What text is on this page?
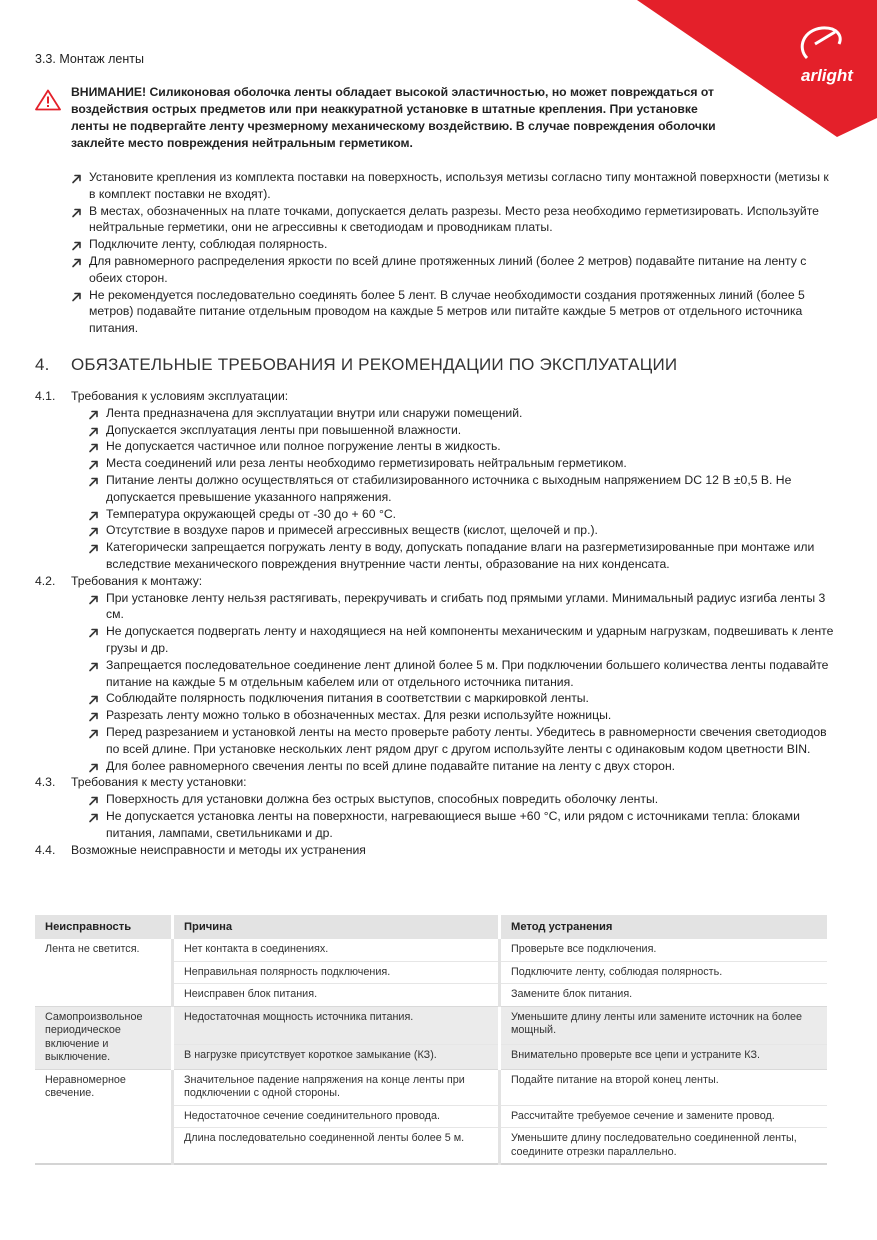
arlight
3.3. Монтаж ленты
ВНИМАНИЕ! Силиконовая оболочка ленты обладает высокой эластичностью, но может повреждаться от воздействия острых предметов или при неаккуратной установке в штатные крепления. При установке ленты не подвергайте ленту чрезмерному механическому воздействию. В случае повреждения оболочки заклейте место повреждения нейтральным герметиком.
Установите крепления из комплекта поставки на поверхность, используя метизы согласно типу монтажной поверхности (метизы к в комплект поставки не входят).
В местах, обозначенных на плате точками, допускается делать разрезы. Место реза необходимо герметизировать. Используйте нейтральные герметики, они не агрессивны к светодиодам и проводникам платы.
Подключите ленту, соблюдая полярность.
Для равномерного распределения яркости по всей длине протяженных линий (более 2 метров) подавайте питание на ленту с обеих сторон.
Не рекомендуется последовательно соединять более 5 лент. В случае необходимости создания протяженных линий (более 5 метров) подавайте питание отдельным проводом на каждые 5 метров или питайте каждые 5 метров от отдельного источника питания.
4. ОБЯЗАТЕЛЬНЫЕ ТРЕБОВАНИЯ И РЕКОМЕНДАЦИИ ПО ЭКСПЛУАТАЦИИ
4.1. Требования к условиям эксплуатации:
Лента предназначена для эксплуатации внутри или снаружи помещений.
Допускается эксплуатация ленты при повышенной влажности.
Не допускается частичное или полное погружение ленты в жидкость.
Места соединений или реза ленты необходимо герметизировать нейтральным герметиком.
Питание ленты должно осуществляться от стабилизированного источника с выходным напряжением DC 12 В ±0,5 В. Не допускается превышение указанного напряжения.
Температура окружающей среды от -30 до + 60 °C.
Отсутствие в воздухе паров и примесей агрессивных веществ (кислот, щелочей и пр.).
Категорически запрещается погружать ленту в воду, допускать попадание влаги на разгерметизированные при монтаже или вследствие механического повреждения внутренние части ленты, образование на них конденсата.
4.2. Требования к монтажу:
При установке ленту нельзя растягивать, перекручивать и сгибать под прямыми углами. Минимальный радиус изгиба ленты 3 см.
Не допускается подвергать ленту и находящиеся на ней компоненты механическим и ударным нагрузкам, подвешивать к ленте грузы и др.
Запрещается последовательное соединение лент длиной более 5 м. При подключении большего количества ленты подавайте питание на каждые 5 м отдельным кабелем или от отдельного источника питания.
Соблюдайте полярность подключения питания в соответствии с маркировкой ленты.
Разрезать ленту можно только в обозначенных местах. Для резки используйте ножницы.
Перед разрезанием и установкой ленты на место проверьте работу ленты. Убедитесь в равномерности свечения светодиодов по всей длине. При установке нескольких лент рядом друг с другом используйте ленты с одинаковым кодом цветности BIN.
Для более равномерного свечения ленты по всей длине подавайте питание на ленту с двух сторон.
4.3. Требования к месту установки:
Поверхность для установки должна без острых выступов, способных повредить оболочку ленты.
Не допускается установка ленты на поверхности, нагревающиеся выше +60 °C, или рядом с источниками тепла: блоками питания, лампами, светильниками и др.
4.4. Возможные неисправности и методы их устранения
Неисправность	Причина	Метод устранения
Лента не светится.	Нет контакта в соединениях.	Проверьте все подключения.
	Неправильная полярность подключения.	Подключите ленту, соблюдая полярность.
	Неисправен блок питания.	Замените блок питания.
Самопроизвольное периодическое включение и выключение.	Недостаточная мощность источника питания.	Уменьшите длину ленты или замените источник на более мощный.
	В нагрузке присутствует короткое замыкание (КЗ).	Внимательно проверьте все цепи и устраните КЗ.
Неравномерное свечение.	Значительное падение напряжения на конце ленты при подключении с одной стороны.	Подайте питание на второй конец ленты.
	Недостаточное сечение соединительного провода.	Рассчитайте требуемое сечение и замените провод.
	Длина последовательно соединенной ленты более 5 м.	Уменьшите длину последовательно соединенной ленты, соедините отрезки параллельно.
